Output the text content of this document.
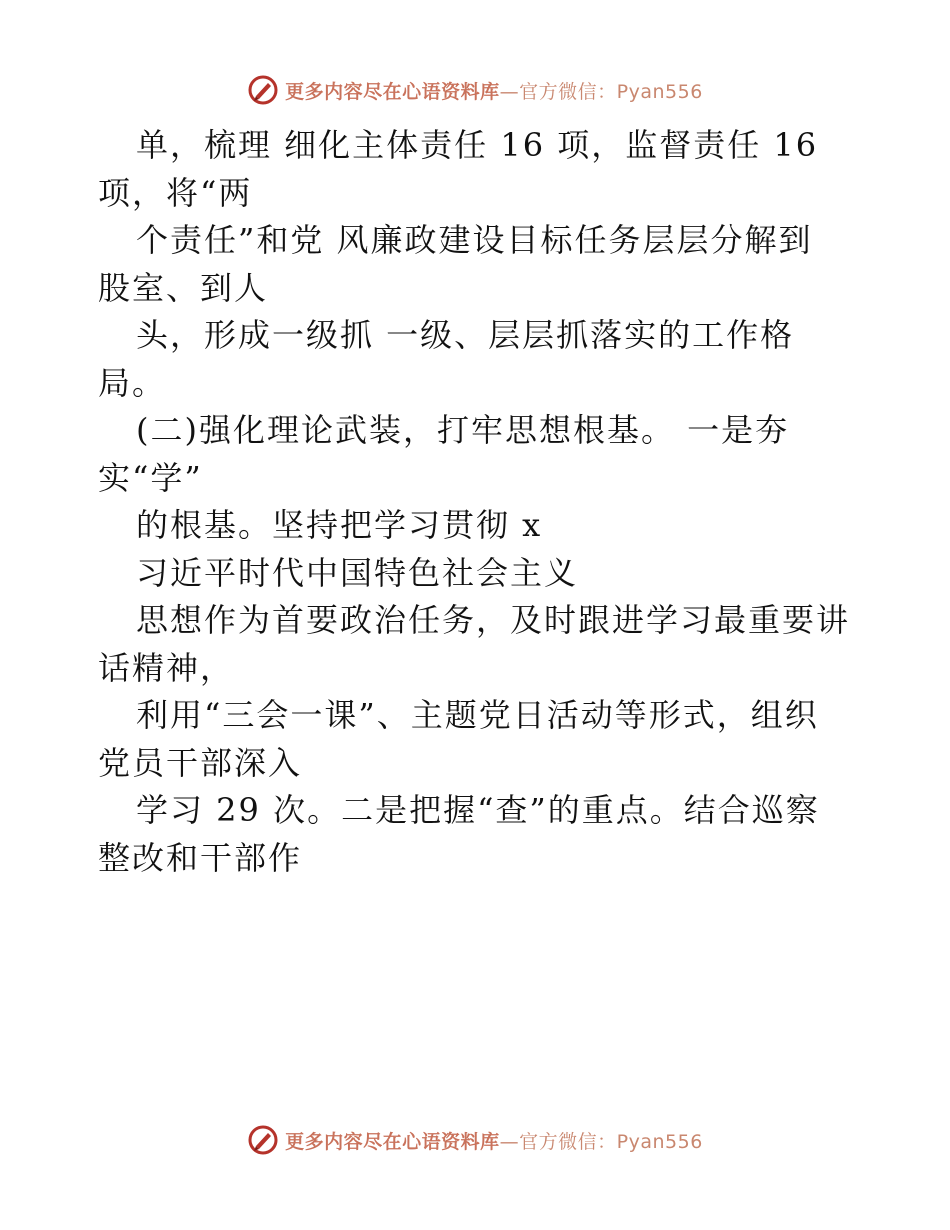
更多内容尽在心语资料库—官方微信：Pyan556
单，梳理 细化主体责任 16 项，监督责任 16
项，将“两
个责任”和党 风廉政建设目标任务层层分解到
股室、到人
头，形成一级抓 一级、层层抓落实的工作格
局。
(二)强化理论武装，打牢思想根基。 一是夯
实“学”
的根基。坚持把学习贯彻 x
习近平时代中国特色社会主义
思想作为首要政治任务，及时跟进学习最重要讲
话精神，
利用“三会一课”、主题党日活动等形式，组织
党员干部深入
学习 29 次。二是把握“查”的重点。结合巡察
整改和干部作
更多内容尽在心语资料库—官方微信：Pyan556
